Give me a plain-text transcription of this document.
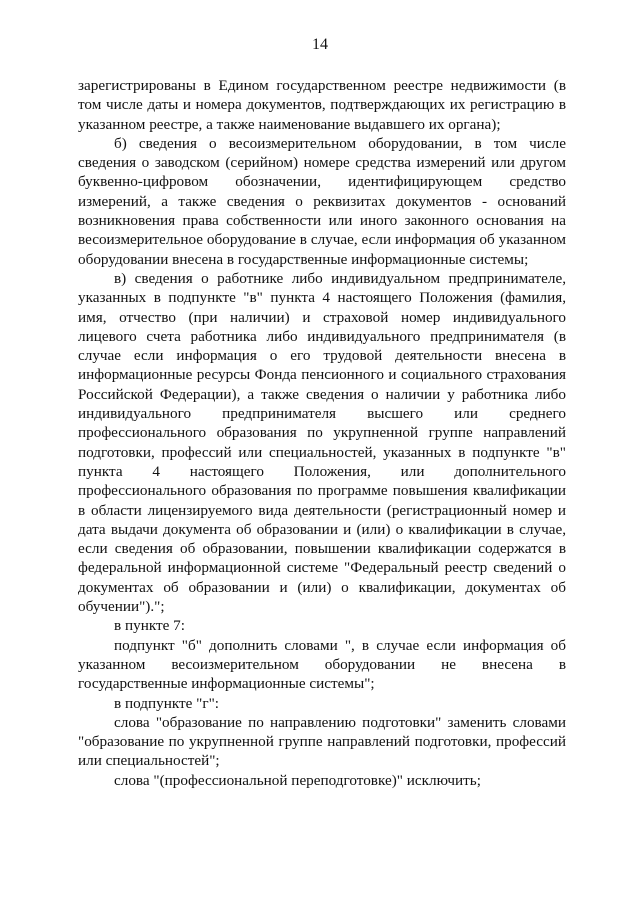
14

зарегистрированы в Едином государственном реестре недвижимости (в том числе даты и номера документов, подтверждающих их регистрацию в указанном реестре, а также наименование выдавшего их органа);

б) сведения о весоизмерительном оборудовании, в том числе сведения о заводском (серийном) номере средства измерений или другом буквенно-цифровом обозначении, идентифицирующем средство измерений, а также сведения о реквизитах документов - оснований возникновения права собственности или иного законного основания на весоизмерительное оборудование в случае, если информация об указанном оборудовании внесена в государственные информационные системы;

в) сведения о работнике либо индивидуальном предпринимателе, указанных в подпункте "в" пункта 4 настоящего Положения (фамилия, имя, отчество (при наличии) и страховой номер индивидуального лицевого счета работника либо индивидуального предпринимателя (в случае если информация о его трудовой деятельности внесена в информационные ресурсы Фонда пенсионного и социального страхования Российской Федерации), а также сведения о наличии у работника либо индивидуального предпринимателя высшего или среднего профессионального образования по укрупненной группе направлений подготовки, профессий или специальностей, указанных в подпункте "в" пункта 4 настоящего Положения, или дополнительного профессионального образования по программе повышения квалификации в области лицензируемого вида деятельности (регистрационный номер и дата выдачи документа об образовании и (или) о квалификации в случае, если сведения об образовании, повышении квалификации содержатся в федеральной информационной системе "Федеральный реестр сведений о документах об образовании и (или) о квалификации, документах об обучении").";

в пункте 7:

подпункт "б" дополнить словами ", в случае если информация об указанном весоизмерительном оборудовании не внесена в государственные информационные системы";

в подпункте "г":

слова "образование по направлению подготовки" заменить словами "образование по укрупненной группе направлений подготовки, профессий или специальностей";

слова "(профессиональной переподготовке)" исключить;
